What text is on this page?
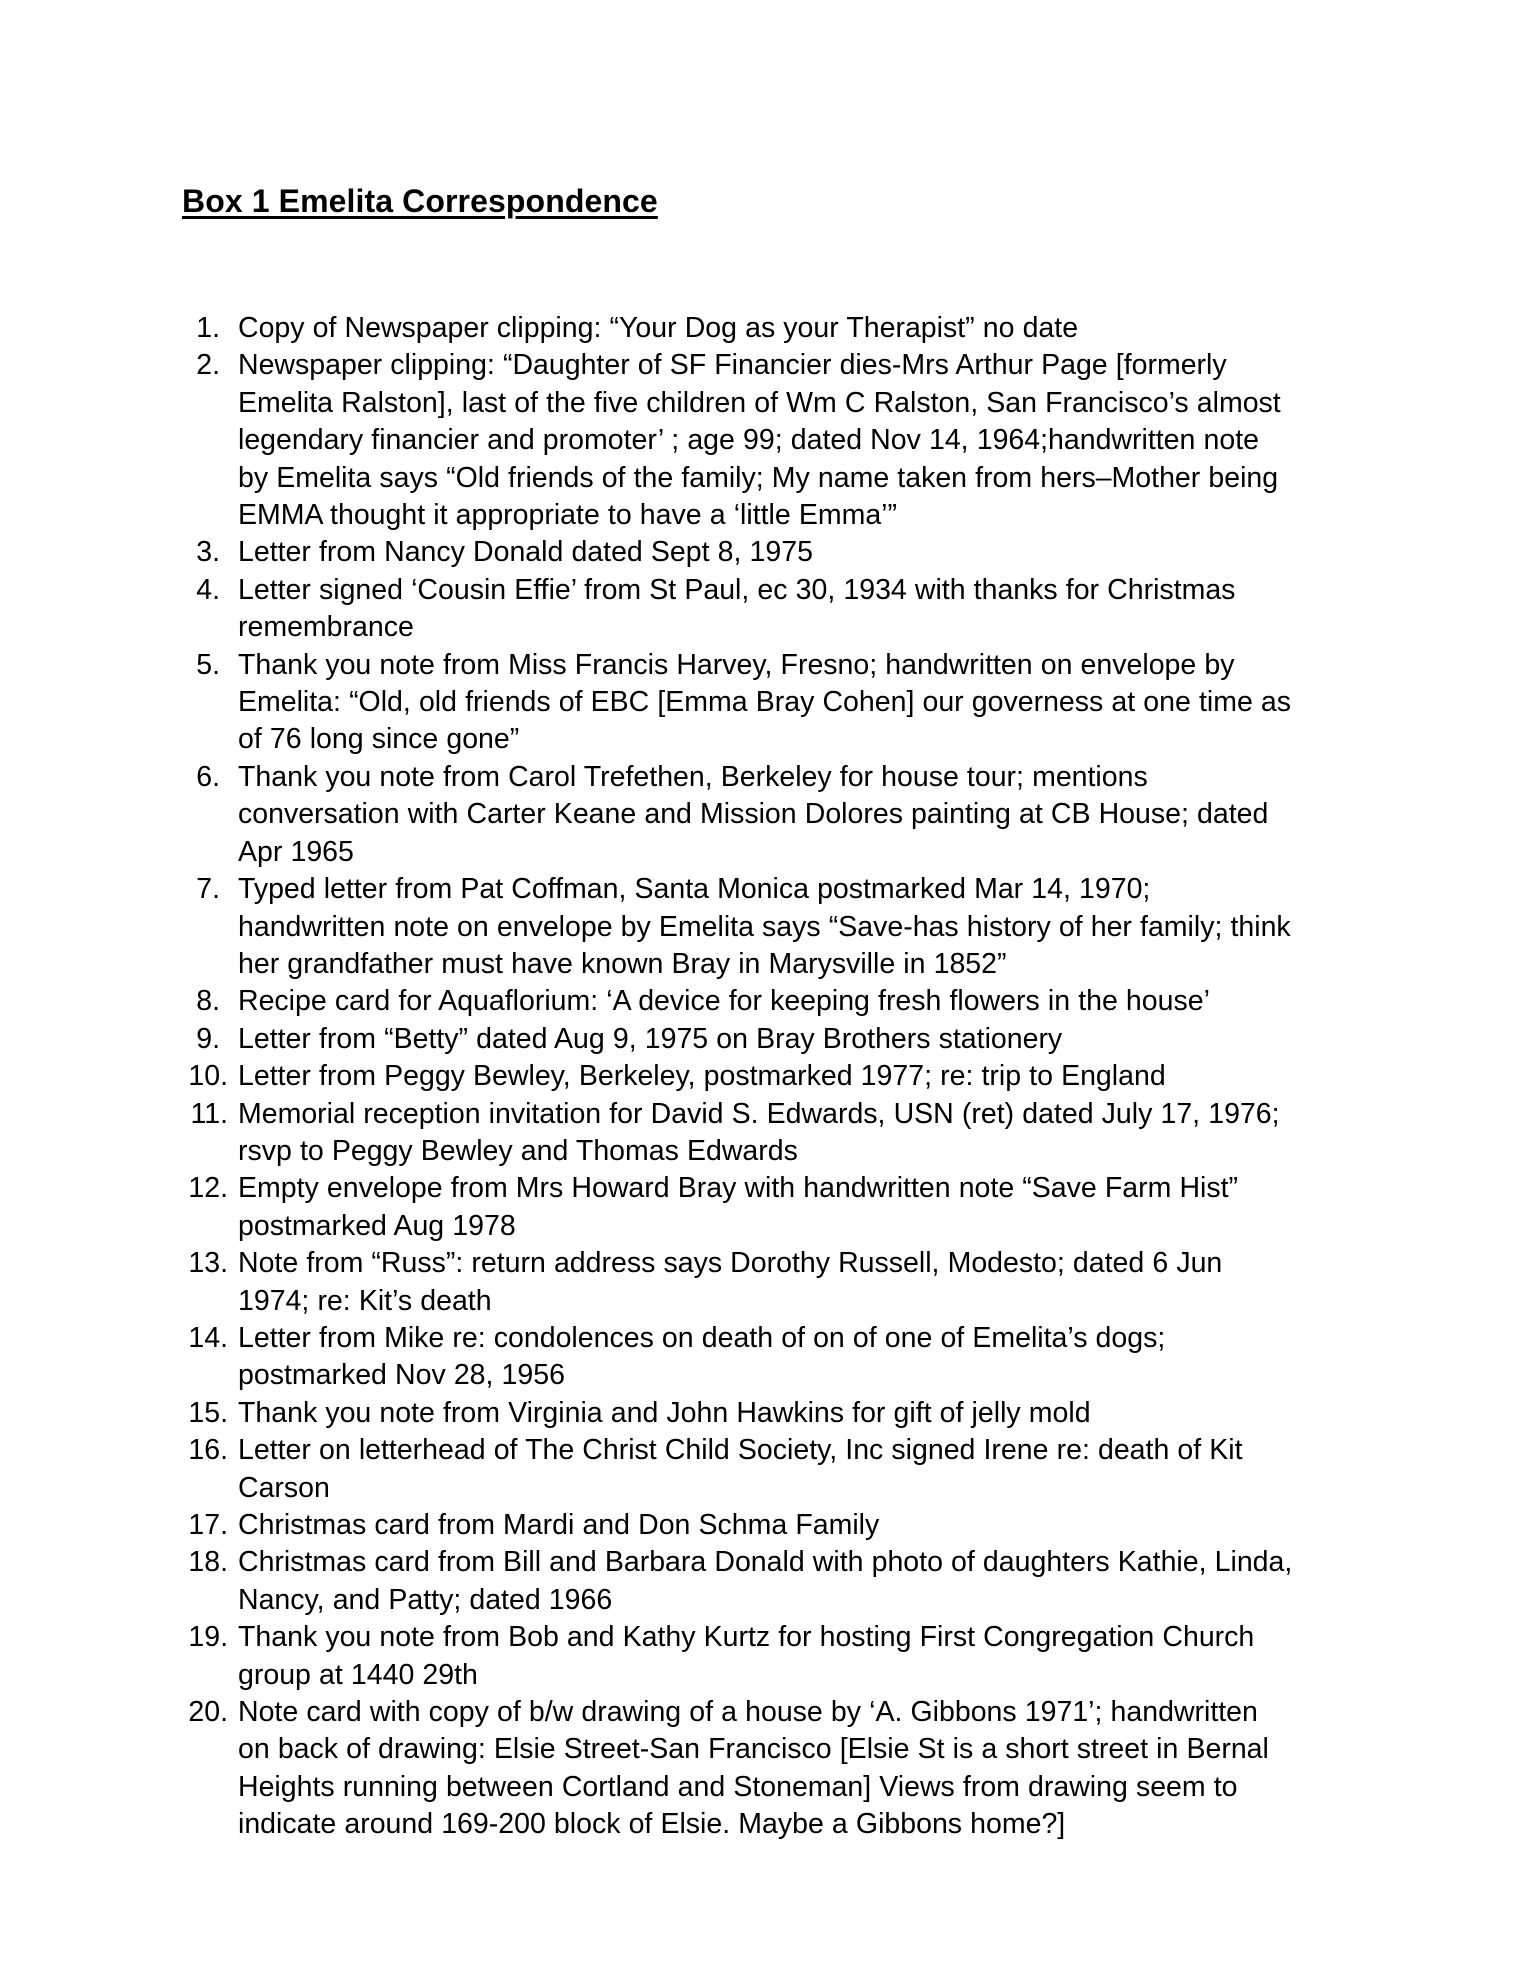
Box 1 Emelita Correspondence
1. Copy of Newspaper clipping: “Your Dog as your Therapist” no date
2. Newspaper clipping: “Daughter of SF Financier dies-Mrs Arthur Page [formerly Emelita Ralston], last of the five children of Wm C Ralston, San Francisco’s almost legendary financier and promoter’ ; age 99; dated Nov 14, 1964;handwritten note by Emelita says “Old friends of the family; My name taken from hers–Mother being EMMA thought it appropriate to have a ‘little Emma’”
3. Letter from Nancy Donald dated Sept 8, 1975
4. Letter signed ‘Cousin Effie’ from St Paul, ec 30, 1934 with thanks for Christmas remembrance
5. Thank you note from Miss Francis Harvey, Fresno; handwritten on envelope by Emelita: “Old, old friends of EBC [Emma Bray Cohen] our governess at one time as of 76 long since gone”
6. Thank you note from Carol Trefethen, Berkeley for house tour; mentions conversation with Carter Keane and Mission Dolores painting at CB House; dated Apr 1965
7. Typed letter from Pat Coffman, Santa Monica postmarked Mar 14, 1970; handwritten note on envelope by Emelita says “Save-has history of her family; think her grandfather must have known Bray in Marysville in 1852”
8. Recipe card for Aquaflorium: ‘A device for keeping fresh flowers in the house’
9. Letter from “Betty” dated Aug 9, 1975 on Bray Brothers stationery
10. Letter from Peggy Bewley, Berkeley, postmarked 1977; re: trip to England
11. Memorial reception invitation for David S. Edwards, USN (ret) dated July 17, 1976; rsvp to Peggy Bewley and Thomas Edwards
12. Empty envelope from Mrs Howard Bray with handwritten note “Save Farm Hist” postmarked Aug 1978
13. Note from “Russ”: return address says Dorothy Russell, Modesto; dated 6 Jun 1974; re: Kit’s death
14. Letter from Mike re: condolences on death of on of one of Emelita’s dogs; postmarked Nov 28, 1956
15. Thank you note from Virginia and John Hawkins for gift of jelly mold
16. Letter on letterhead of The Christ Child Society, Inc signed Irene re: death of Kit Carson
17. Christmas card from Mardi and Don Schma Family
18. Christmas card from Bill and Barbara Donald with photo of daughters Kathie, Linda, Nancy, and Patty; dated 1966
19. Thank you note from Bob and Kathy Kurtz for hosting First Congregation Church group at 1440 29th
20. Note card with copy of b/w drawing of a house by ‘A. Gibbons 1971’; handwritten on back of drawing: Elsie Street-San Francisco [Elsie St is a short street in Bernal Heights running between Cortland and Stoneman] Views from drawing seem to indicate around 169-200 block of Elsie. Maybe a Gibbons home?]
